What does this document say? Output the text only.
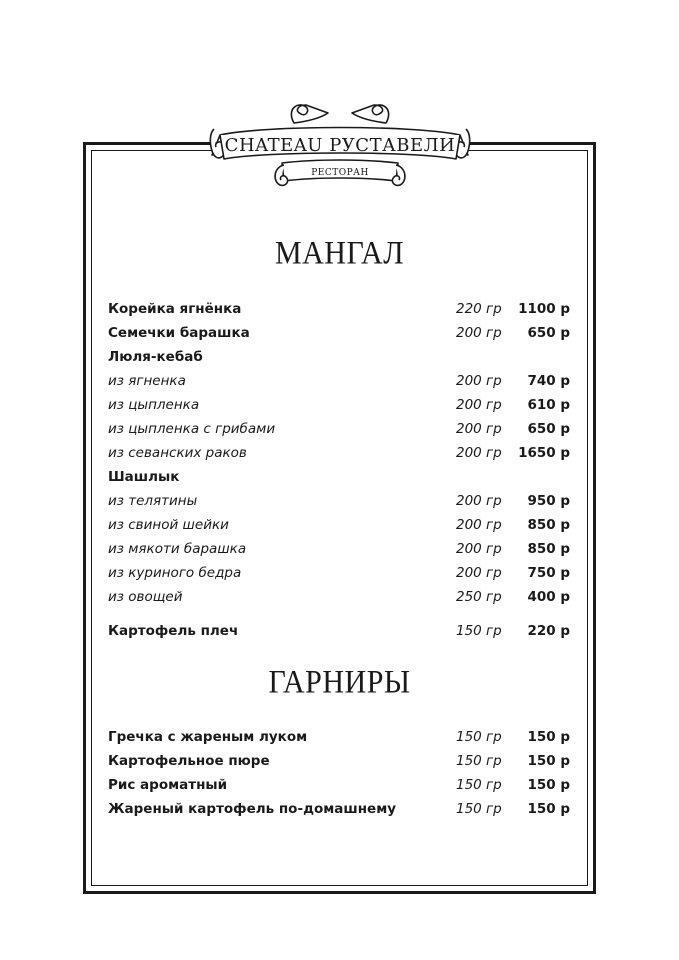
CHATEAU РУСТАВЕЛИ
РЕСТОРАН
МАНГАЛ
Корейка ягнёнка	220 гр 1100 р
Семечки барашка	200 гр 650 р
Люля-кебаб
из ягненка	200 гр 740 р
из цыпленка	200 гр 610 р
из цыпленка с грибами	200 гр 650 р
из севанских раков	200 гр 1650 р
Шашлык
из телятины	200 гр 950 р
из свиной шейки	200 гр 850 р
из мякоти барашка	200 гр 850 р
из куриного бедра	200 гр 750 р
из овощей	250 гр 400 р
Картофель плеч	150 гр 220 р
ГАРНИРЫ
Гречка с жареным луком	150 гр 150 р
Картофельное пюре	150 гр 150 р
Рис ароматный	150 гр 150 р
Жареный картофель по-домашнему	150 гр 150 р
